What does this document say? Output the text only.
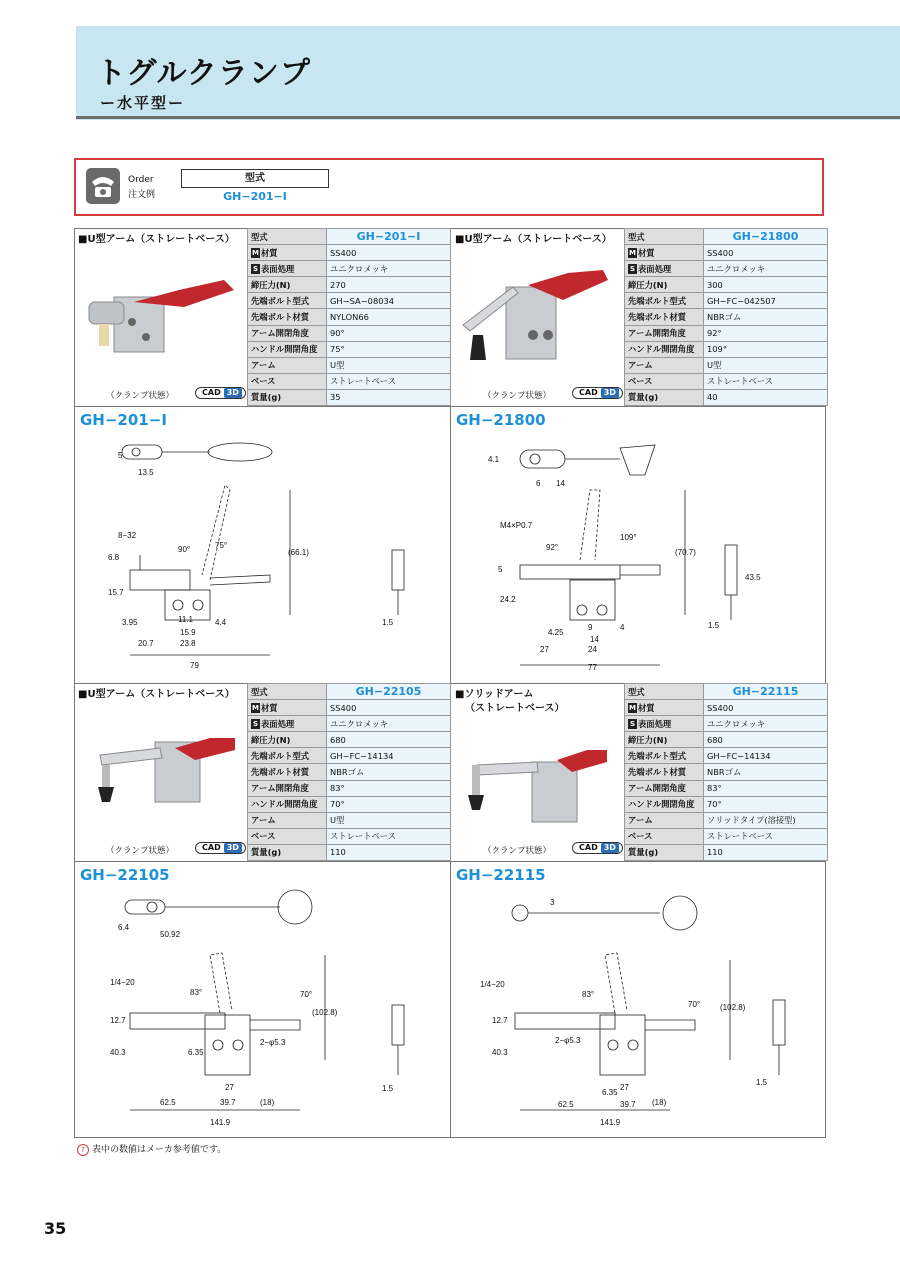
トグルクランプ
ー水平型ー
Order
注文例
型式
GH−201−I
■U型アーム（ストレートベース）
（クランプ状態）	CAD 3D
型式	GH−201−I
M 材質	SS400
S 表面処理	ユニクロメッキ
締圧力(N)	270
先端ボルト型式	GH−SA−08034
先端ボルト材質	NYLON66
アーム開閉角度	90°
ハンドル開閉角度	75°
アーム	U型
ベース	ストレートベース
質量(g)	35
GH−201−I
5
13.5
8−32
6.8
90°	75°
(66.1)
15.7
3.95	11.1
15.9
4.4
20.7	23.8
79
1.5
■U型アーム（ストレートベース）
（クランプ状態）	CAD 3D
型式	GH−21800
M 材質	SS400
S 表面処理	ユニクロメッキ
締圧力(N)	300
先端ボルト型式	GH−FC−042507
先端ボルト材質	NBRゴム
アーム開閉角度	92°
ハンドル開閉角度	109°
アーム	U型
ベース	ストレートベース
質量(g)	40
GH−21800
4.1
6 14
M4×P0.7
92°
109°
(70.7)
5
24.2
43.5
9
4.25
14
4
27	24
77
1.5
■U型アーム（ストレートベース）
（クランプ状態）	CAD 3D
型式	GH−22105
M 材質	SS400
S 表面処理	ユニクロメッキ
締圧力(N)	680
先端ボルト型式	GH−FC−14134
先端ボルト材質	NBRゴム
アーム開閉角度	83°
ハンドル開閉角度	70°
アーム	U型
ベース	ストレートベース
質量(g)	110
GH−22105
6.4
50.92
1/4−20
83°	70°
(102.8)
12.7
40.3	6.35
2−φ5.3
27
62.5	39.7	(18)
141.9
1.5
■ソリッドアーム
（ストレートベース）
（クランプ状態）	CAD 3D
型式	GH−22115
M 材質	SS400
S 表面処理	ユニクロメッキ
締圧力(N)	680
先端ボルト型式	GH−FC−14134
先端ボルト材質	NBRゴム
アーム開閉角度	83°
ハンドル開閉角度	70°
アーム	ソリッドタイプ(溶接型)
ベース	ストレートベース
質量(g)	110
GH−22115
3
1/4−20
83°
70° (102.8)
12.7
40.3
2−φ5.3
27
62.5
6.35
39.7 (18)
141.9
1.5
? 表中の数値はメーカ参考値です。
35
